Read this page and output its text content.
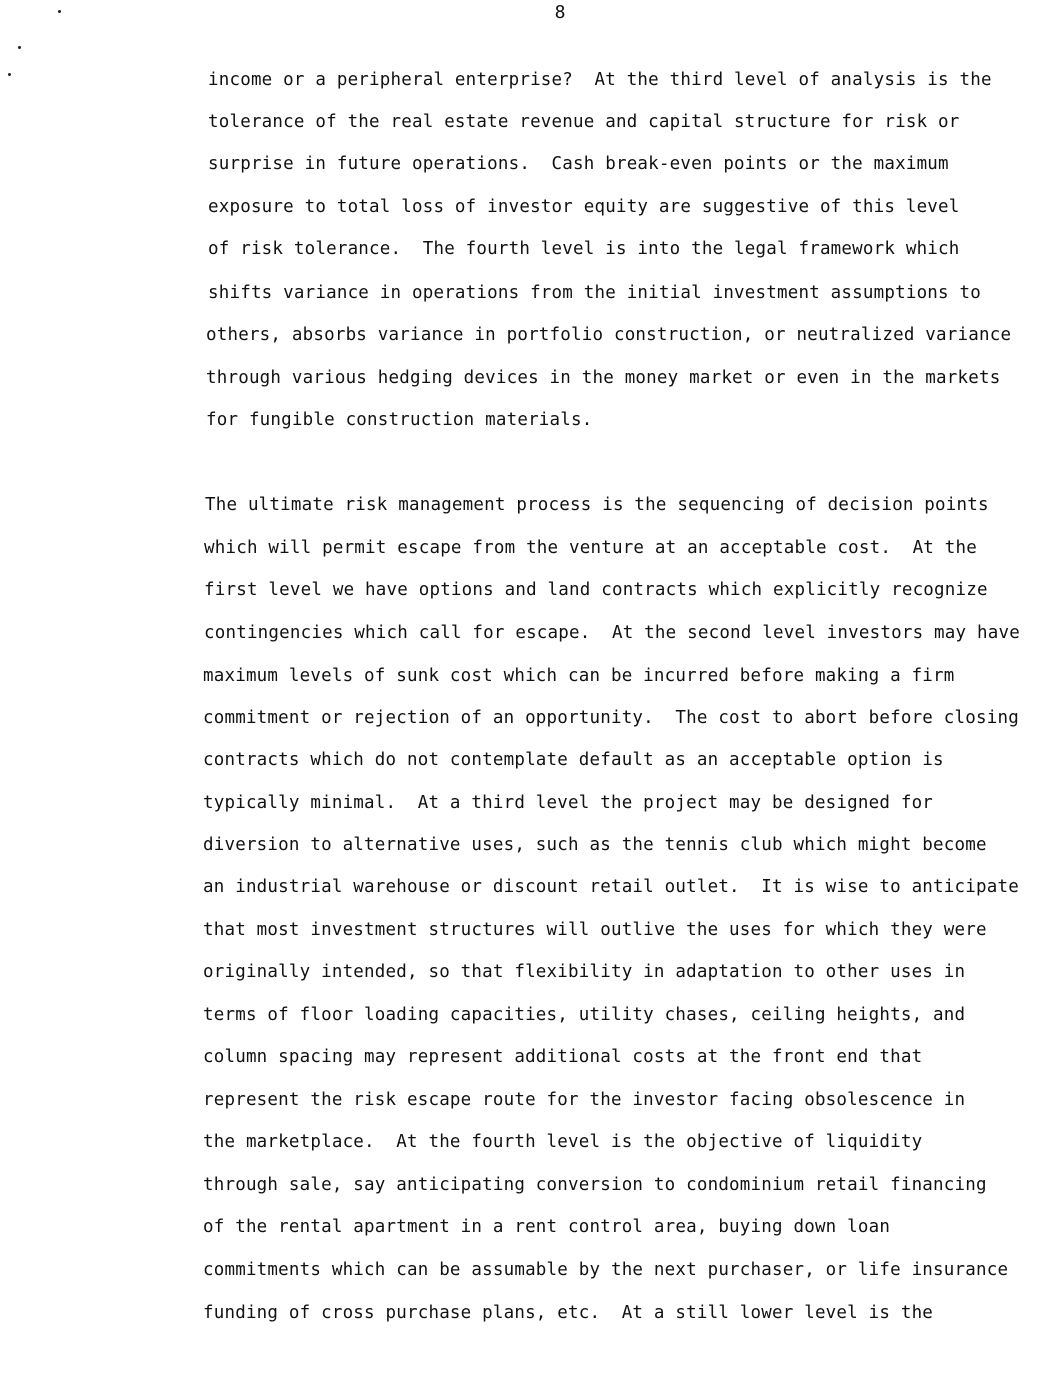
8
income or a peripheral enterprise?  At the third level of analysis is the
tolerance of the real estate revenue and capital structure for risk or
surprise in future operations.  Cash break-even points or the maximum
exposure to total loss of investor equity are suggestive of this level
of risk tolerance.  The fourth level is into the legal framework which
shifts variance in operations from the initial investment assumptions to
others, absorbs variance in portfolio construction, or neutralized variance
through various hedging devices in the money market or even in the markets
for fungible construction materials.
The ultimate risk management process is the sequencing of decision points
which will permit escape from the venture at an acceptable cost.  At the
first level we have options and land contracts which explicitly recognize
contingencies which call for escape.  At the second level investors may have
maximum levels of sunk cost which can be incurred before making a firm
commitment or rejection of an opportunity.  The cost to abort before closing
contracts which do not contemplate default as an acceptable option is
typically minimal.  At a third level the project may be designed for
diversion to alternative uses, such as the tennis club which might become
an industrial warehouse or discount retail outlet.  It is wise to anticipate
that most investment structures will outlive the uses for which they were
originally intended, so that flexibility in adaptation to other uses in
terms of floor loading capacities, utility chases, ceiling heights, and
column spacing may represent additional costs at the front end that
represent the risk escape route for the investor facing obsolescence in
the marketplace.  At the fourth level is the objective of liquidity
through sale, say anticipating conversion to condominium retail financing
of the rental apartment in a rent control area, buying down loan
commitments which can be assumable by the next purchaser, or life insurance
funding of cross purchase plans, etc.  At a still lower level is the
